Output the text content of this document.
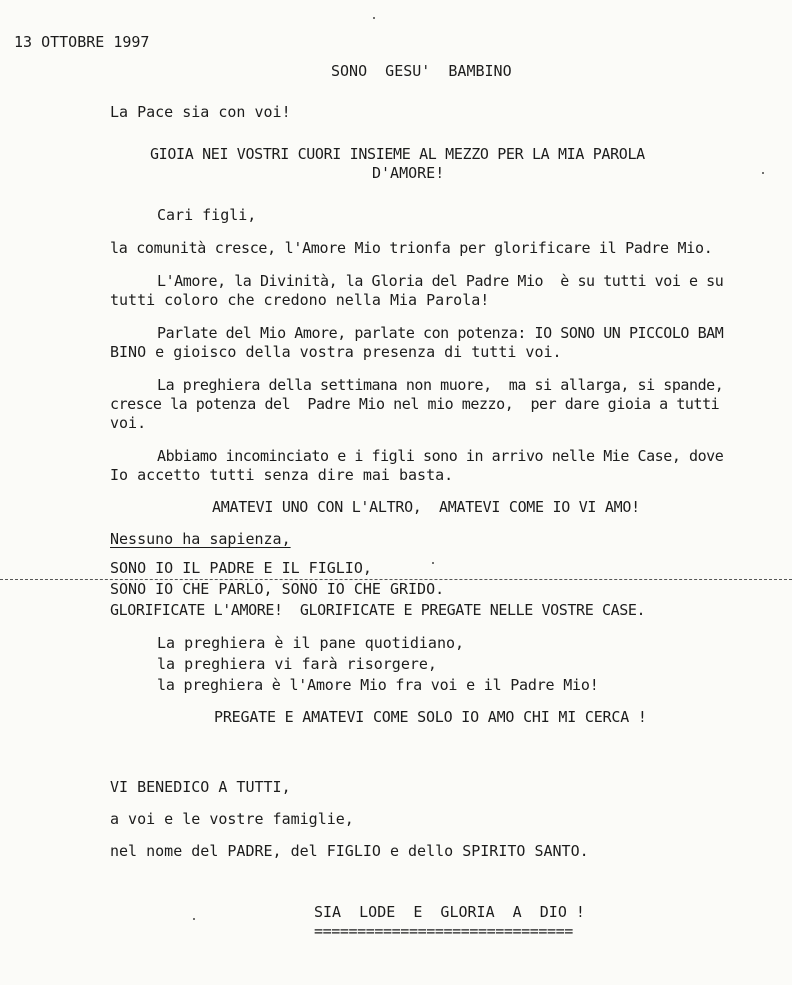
13 OTTOBRE 1997
SONO  GESU'  BAMBINO
La Pace sia con voi!
GIOIA NEI VOSTRI CUORI INSIEME AL MEZZO PER LA MIA PAROLA
D'AMORE!
Cari figli,
la comunità cresce, l'Amore Mio trionfa per glorificare il Padre Mio.
L'Amore, la Divinità, la Gloria del Padre Mio  è su tutti voi e su
tutti coloro che credono nella Mia Parola!
Parlate del Mio Amore, parlate con potenza: IO SONO UN PICCOLO BAM
BINO e gioisco della vostra presenza di tutti voi.
La preghiera della settimana non muore,  ma si allarga, si spande,
cresce la potenza del  Padre Mio nel mio mezzo,  per dare gioia a tutti
voi.
Abbiamo incominciato e i figli sono in arrivo nelle Mie Case, dove
Io accetto tutti senza dire mai basta.
AMATEVI UNO CON L'ALTRO,  AMATEVI COME IO VI AMO!
Nessuno ha sapienza,
SONO IO IL PADRE E IL FIGLIO,
SONO IO CHE PARLO, SONO IO CHE GRIDO.
GLORIFICATE L'AMORE!  GLORIFICATE E PREGATE NELLE VOSTRE CASE.
La preghiera è il pane quotidiano,
la preghiera vi farà risorgere,
la preghiera è l'Amore Mio fra voi e il Padre Mio!
PREGATE E AMATEVI COME SOLO IO AMO CHI MI CERCA !
VI BENEDICO A TUTTI,
a voi e le vostre famiglie,
nel nome del PADRE, del FIGLIO e dello SPIRITO SANTO.
SIA  LODE  E  GLORIA  A  DIO !
==============================
